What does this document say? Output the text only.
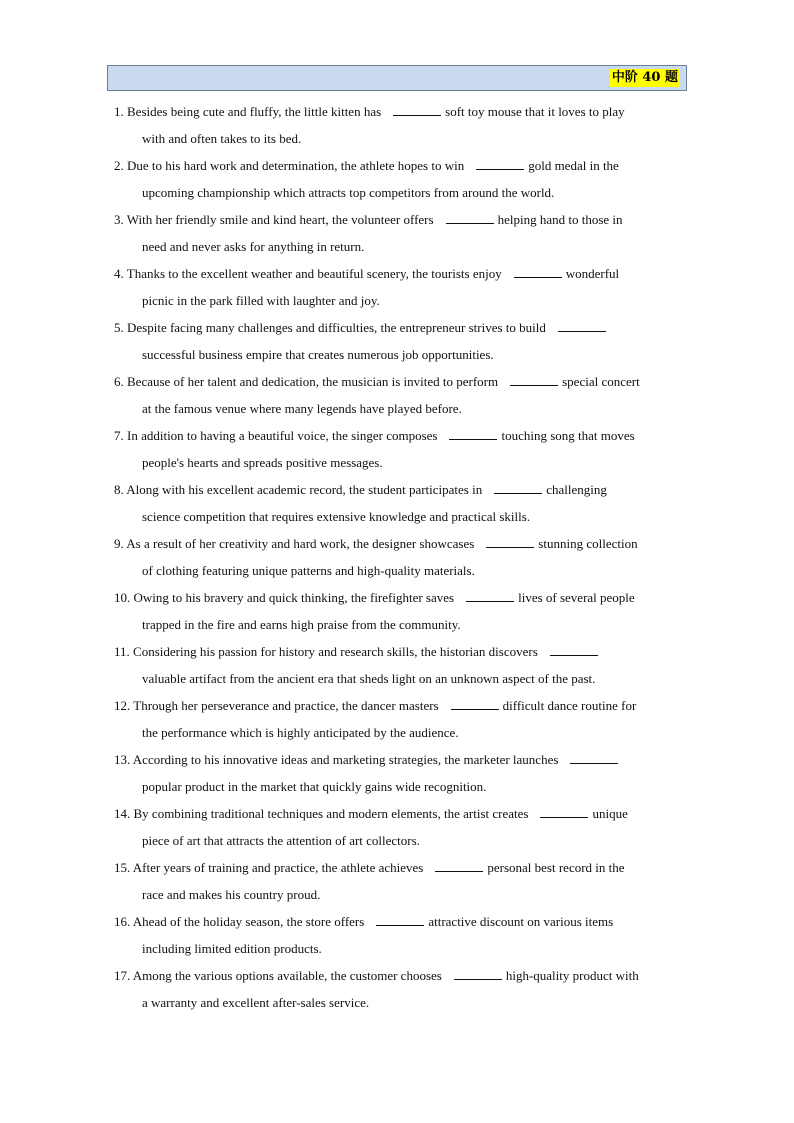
中阶 40 题
1. Besides being cute and fluffy, the little kitten has	soft toy mouse that it loves to play
with and often takes to its bed.
2. Due to his hard work and determination, the athlete hopes to win	gold medal in the
upcoming championship which attracts top competitors from around the world.
3. With her friendly smile and kind heart, the volunteer offers	helping hand to those in
need and never asks for anything in return.
4. Thanks to the excellent weather and beautiful scenery, the tourists enjoy	wonderful
picnic in the park filled with laughter and joy.
5. Despite facing many challenges and difficulties, the entrepreneur strives to build
successful business empire that creates numerous job opportunities.
6. Because of her talent and dedication, the musician is invited to perform	special concert
at the famous venue where many legends have played before.
7. In addition to having a beautiful voice, the singer composes	touching song that moves
people's hearts and spreads positive messages.
8. Along with his excellent academic record, the student participates in	challenging
science competition that requires extensive knowledge and practical skills.
9. As a result of her creativity and hard work, the designer showcases	stunning collection
of clothing featuring unique patterns and high-quality materials.
10. Owing to his bravery and quick thinking, the firefighter saves	lives of several people
trapped in the fire and earns high praise from the community.
11. Considering his passion for history and research skills, the historian discovers
valuable artifact from the ancient era that sheds light on an unknown aspect of the past.
12. Through her perseverance and practice, the dancer masters	difficult dance routine for
the performance which is highly anticipated by the audience.
13. According to his innovative ideas and marketing strategies, the marketer launches
popular product in the market that quickly gains wide recognition.
14. By combining traditional techniques and modern elements, the artist creates	unique
piece of art that attracts the attention of art collectors.
15. After years of training and practice, the athlete achieves	personal best record in the
race and makes his country proud.
16. Ahead of the holiday season, the store offers	attractive discount on various items
including limited edition products.
17. Among the various options available, the customer chooses	high-quality product with
a warranty and excellent after-sales service.
